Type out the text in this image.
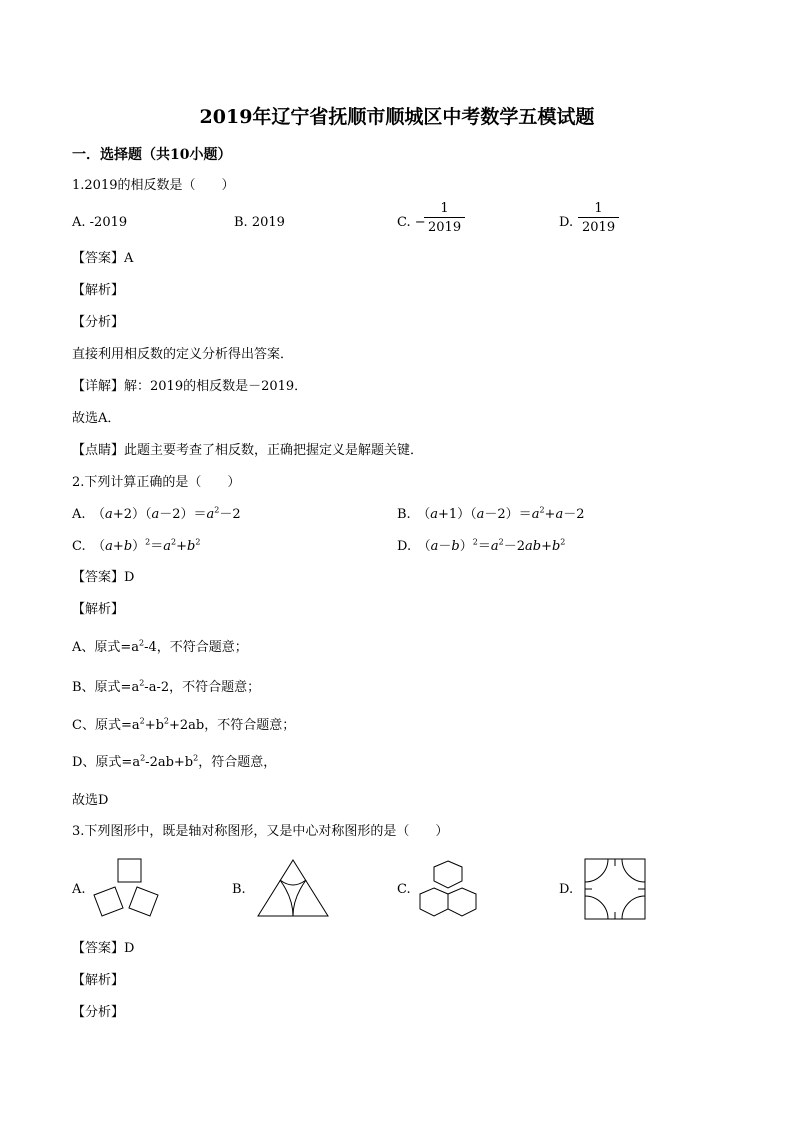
2019年辽宁省抚顺市顺城区中考数学五模试题
一．选择题（共10小题）
1.2019的相反数是（　　）
A. -2019	B. 2019	C. −
1
2019	D.
1
2019
【答案】A
【解析】
【分析】
直接利用相反数的定义分析得出答案．
【详解】解：2019的相反数是－2019．
故选A．
【点睛】此题主要考查了相反数，正确把握定义是解题关键．
2.下列计算正确的是（　　）
A.　$(a+2)(a-2)=a^2-2$	B.　$(a+1)(a-2)=a^2+a-2$
C.　$(a+b)^2=a^2+b^2$	D.　$(a-b)^2=a^2-2ab+b^2$
【答案】D
【解析】
A、原式$=a^2-4$，不符合题意；
B、原式$=a^2-a-2$，不符合题意；
C、原式$=a^2+b^2+2ab$，不符合题意；
D、原式$=a^2-2ab+b^2$，符合题意，
故选D
3.下列图形中，既是轴对称图形，又是中心对称图形的是（　　）
A.	B.	C.	D.
【答案】D
【解析】
【分析】
